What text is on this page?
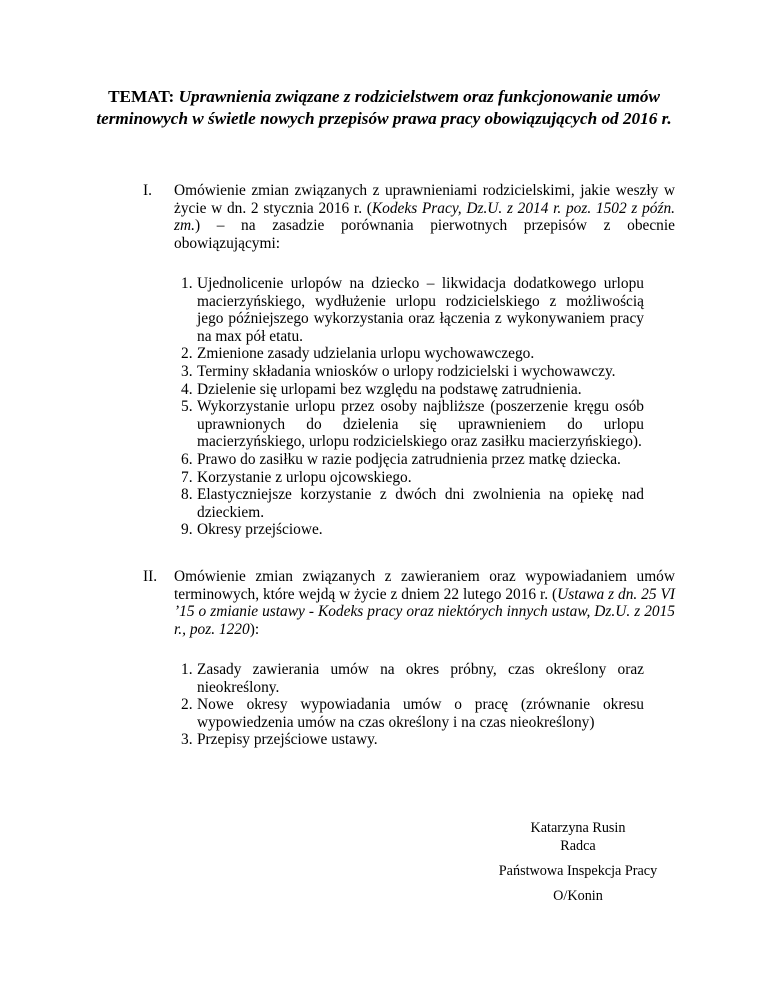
TEMAT: Uprawnienia związane z rodzicielstwem oraz funkcjonowanie umów terminowych w świetle nowych przepisów prawa pracy obowiązujących od 2016 r.
I.	Omówienie zmian związanych z uprawnieniami rodzicielskimi, jakie weszły w życie w dn. 2 stycznia 2016 r. (Kodeks Pracy, Dz.U. z 2014 r. poz. 1502 z późn. zm.) – na zasadzie porównania pierwotnych przepisów z obecnie obowiązującymi:

1. Ujednolicenie urlopów na dziecko – likwidacja dodatkowego urlopu macierzyńskiego, wydłużenie urlopu rodzicielskiego z możliwością jego późniejszego wykorzystania oraz łączenia z wykonywaniem pracy na max pół etatu.
2. Zmienione zasady udzielania urlopu wychowawczego.
3. Terminy składania wniosków o urlopy rodzicielski i wychowawczy.
4. Dzielenie się urlopami bez względu na podstawę zatrudnienia.
5. Wykorzystanie urlopu przez osoby najbliższe (poszerzenie kręgu osób uprawnionych do dzielenia się uprawnieniem do urlopu macierzyńskiego, urlopu rodzicielskiego oraz zasiłku macierzyńskiego).
6. Prawo do zasiłku w razie podjęcia zatrudnienia przez matkę dziecka.
7. Korzystanie z urlopu ojcowskiego.
8. Elastyczniejsze korzystanie z dwóch dni zwolnienia na opiekę nad dzieckiem.
9. Okresy przejściowe.
II.	Omówienie zmian związanych z zawieraniem oraz wypowiadaniem umów terminowych, które wejdą w życie z dniem 22 lutego 2016 r. (Ustawa z dn. 25 VI ’15 o zmianie ustawy - Kodeks pracy oraz niektórych innych ustaw, Dz.U. z 2015 r., poz. 1220):

1. Zasady zawierania umów na okres próbny, czas określony oraz nieokreślony.
2. Nowe okresy wypowiadania umów o pracę (zrównanie okresu wypowiedzenia umów na czas określony i na czas nieokreślony)
3. Przepisy przejściowe ustawy.
Katarzyna Rusin
Radca
Państwowa Inspekcja Pracy
O/Konin
